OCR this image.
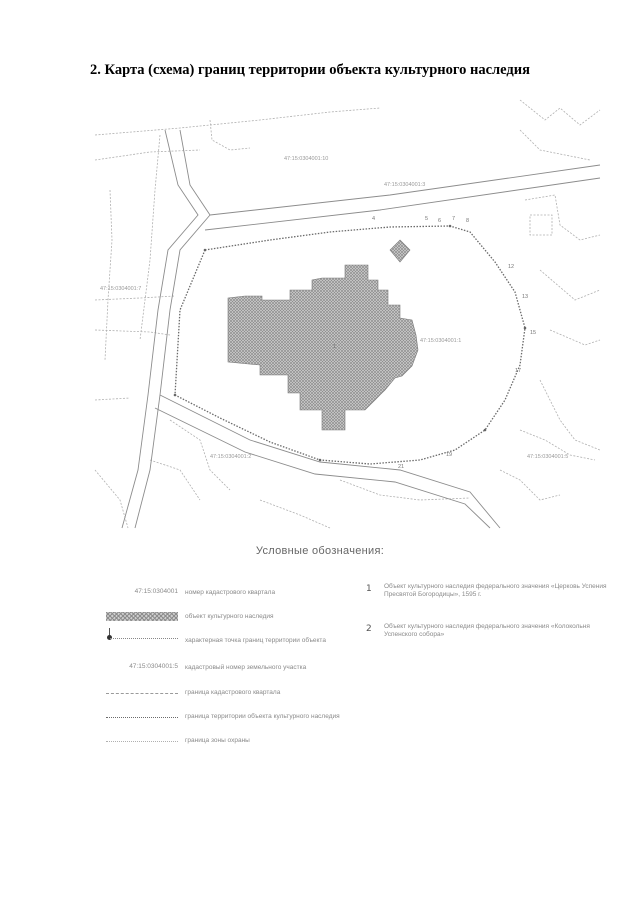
2. Карта (схема) границ территории объекта культурного наследия
4	5 6 7 8
12
13
15
17
19
21
1
47:15:0304001:10
47:15:0304001:3
47:15:0304001:1
47:15:0304001:2	47:15:0304001:5
47:15:0304001:7
Условные обозначения:
47:15:0304001 номер кадастрового квартала
объект культурного наследия
характерная точка границ территории объекта
47:15:0304001:5 кадастровый номер земельного участка
граница кадастрового квартала
граница территории объекта культурного наследия
граница зоны охраны
1 Объект культурного наследия федерального значения «Церковь Успения Пресвятой Богородицы», 1595 г.
2 Объект культурного наследия федерального значения «Колокольня Успенского собора»
